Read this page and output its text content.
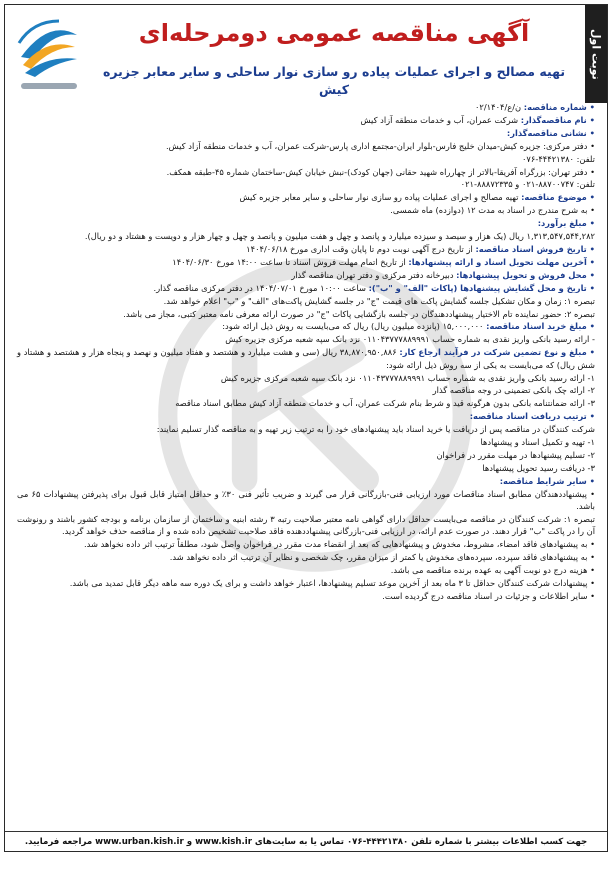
نوبت اول
آگهی مناقصه عمومی دومرحله‌ای
تهیه مصالح و اجرای عملیات پیاده رو سازی نوار ساحلی و سایر معابر جزیره کیش
• شماره مناقصه: ن/ع/۰۲/۱۴۰۴
• نام مناقصه‌گذار: شرکت عمران، آب و خدمات منطقه آزاد کیش
• نشانی مناقصه‌گذار:
• دفتر مرکزی: جزیره کیش-میدان خلیج فارس-بلوار ایران-مجتمع اداری پارس-شرکت عمران، آب و خدمات منطقه آزاد کیش.
تلفن: ۴۴۴۲۱۳۸۰-۰۷۶
• دفتر تهران: بزرگراه آفریقا-بالاتر از چهارراه شهید حقانی (جهان کودک)-نبش خیابان کیش-ساختمان شماره ۴۵-طبقه همکف.
تلفن: ۸۸۷۰۰۷۴۷-۰۲۱ و ۸۸۸۷۲۳۳۵-۰۲۱
• موضوع مناقصه: تهیه مصالح و اجرای عملیات پیاده رو سازی نوار ساحلی و سایر معابر جزیره کیش
• به شرح مندرج در اسناد به مدت ۱۲ (دوازده) ماه شمسی.
• مبلغ برآورد:
۱,۳۱۳,۵۴۷,۵۴۴,۲۸۲ ریال (یک هزار و سیصد و سیزده میلیارد و پانصد و چهل و هفت میلیون و پانصد و چهل و چهار هزار و دویست و هشتاد و دو ریال).
• تاریخ فروش اسناد مناقصه: از تاریخ درج آگهی نوبت دوم تا پایان وقت اداری مورخ ۱۴۰۴/۰۶/۱۸
• آخرین مهلت تحویل اسناد و ارائه پیشنهادها: از تاریخ اتمام مهلت فروش اسناد تا ساعت ۱۴:۰۰ مورخ ۱۴۰۴/۰۶/۳۰
• محل فروش و تحویل پیشنهادها: دبیرخانه دفتر مرکزی و دفتر تهران مناقصه گذار
• تاریخ و محل گشایش پیشنهادها (پاکات "الف" و "ب"): ساعت ۱۰:۰۰ مورخ ۱۴۰۴/۰۷/۰۱ در دفتر مرکزی مناقصه گذار.
تبصره ۱: زمان و مکان تشکیل جلسه گشایش پاکت های قیمت "ج" در جلسه گشایش پاکت‌های "الف" و "ب" اعلام خواهد شد.
تبصره ۲: حضور نماینده تام الاختیار پیشنهاددهندگان در جلسه بازگشایی پاکات "ج" در صورت ارائه معرفی نامه معتبر کتبی، مجاز می باشد.
• مبلغ خرید اسناد مناقصه: ۱۵,۰۰۰,۰۰۰ (پانزده میلیون ریال) ریال که می‌بایست به روش ذیل ارائه شود:
- ارائه رسید بانکی واریز نقدی به شماره حساب ۰۱۱۰۴۳۷۷۷۸۸۹۹۹۱ نزد بانک سپه شعبه مرکزی جزیره کیش
• مبلغ و نوع تضمین شرکت در فرآیند ارجاع کار: ۳۸,۸۷۰,۹۵۰,۸۸۶ ریال (سی و هشت میلیارد و هشتصد و هفتاد میلیون و نهصد و پنجاه هزار و هشتصد و هشتاد و شش ریال) که می‌بایست به یکی از سه روش ذیل ارائه شود:
۱- ارائه رسید بانکی واریز نقدی به شماره حساب ۰۱۱۰۴۳۷۷۷۸۸۹۹۹۱ نزد بانک سپه شعبه مرکزی جزیره کیش
۲- ارائه چک بانکی تضمینی در وجه مناقصه گذار
۳- ارائه ضمانتنامه بانکی بدون هرگونه قید و شرط بنام شرکت عمران، آب و خدمات منطقه آزاد کیش مطابق اسناد مناقصه
• ترتیب دریافت اسناد مناقصه:
شرکت کنندگان در مناقصه پس از دریافت یا خرید اسناد باید پیشنهادهای خود را به ترتیب زیر تهیه و به مناقصه گذار تسلیم نمایند:
۱- تهیه و تکمیل اسناد و پیشنهادها
۲- تسلیم پیشنهادها در مهلت مقرر در فراخوان
۳- دریافت رسید تحویل پیشنهادها
• سایر شرایط مناقصه:
• پیشنهاددهندگان مطابق اسناد مناقصات مورد ارزیابی فنی-بازرگانی قرار می گیرند و ضریب تأثیر فنی ۳۰٪ و حداقل امتیاز قابل قبول برای پذیرفتن پیشنهادات ۶۵ می باشد.
تبصره ۱: شرکت کنندگان در مناقصه می‌بایست حداقل دارای گواهی نامه معتبر صلاحیت رتبه ۳ رشته ابنیه و ساختمان از سازمان برنامه و بودجه کشور باشند و رونوشت آن را در پاکت "ب" قرار دهند. در صورت عدم ارائه، در ارزیابی فنی-بازرگانی پیشنهاددهنده فاقد صلاحیت تشخیص داده شده و از مناقصه حذف خواهد گردید.
• به پیشنهادهای فاقد امضاء، مشروط، مخدوش و پیشنهادهایی که بعد از انقضاء مدت مقرر در فراخوان واصل شود، مطلقاً ترتیب اثر داده نخواهد شد.
• به پیشنهادهای فاقد سپرده، سپرده‌های مخدوش یا کمتر از میزان مقرر، چک شخصی و نظایر آن ترتیب اثر داده نخواهد شد.
• هزینه درج دو نوبت آگهی به عهده برنده مناقصه می باشد.
• پیشنهادات شرکت کنندگان حداقل تا ۳ ماه بعد از آخرین موعد تسلیم پیشنهادها، اعتبار خواهد داشت و برای یک دوره سه ماهه دیگر قابل تمدید می باشد.
• سایر اطلاعات و جزئیات در اسناد مناقصه درج گردیده است.
جهت کسب اطلاعات بیشتر با شماره تلفن ۴۴۴۲۱۳۸۰-۰۷۶ تماس یا به سایت‌های www.kish.ir و www.urban.kish.ir مراجعه فرمایید.
